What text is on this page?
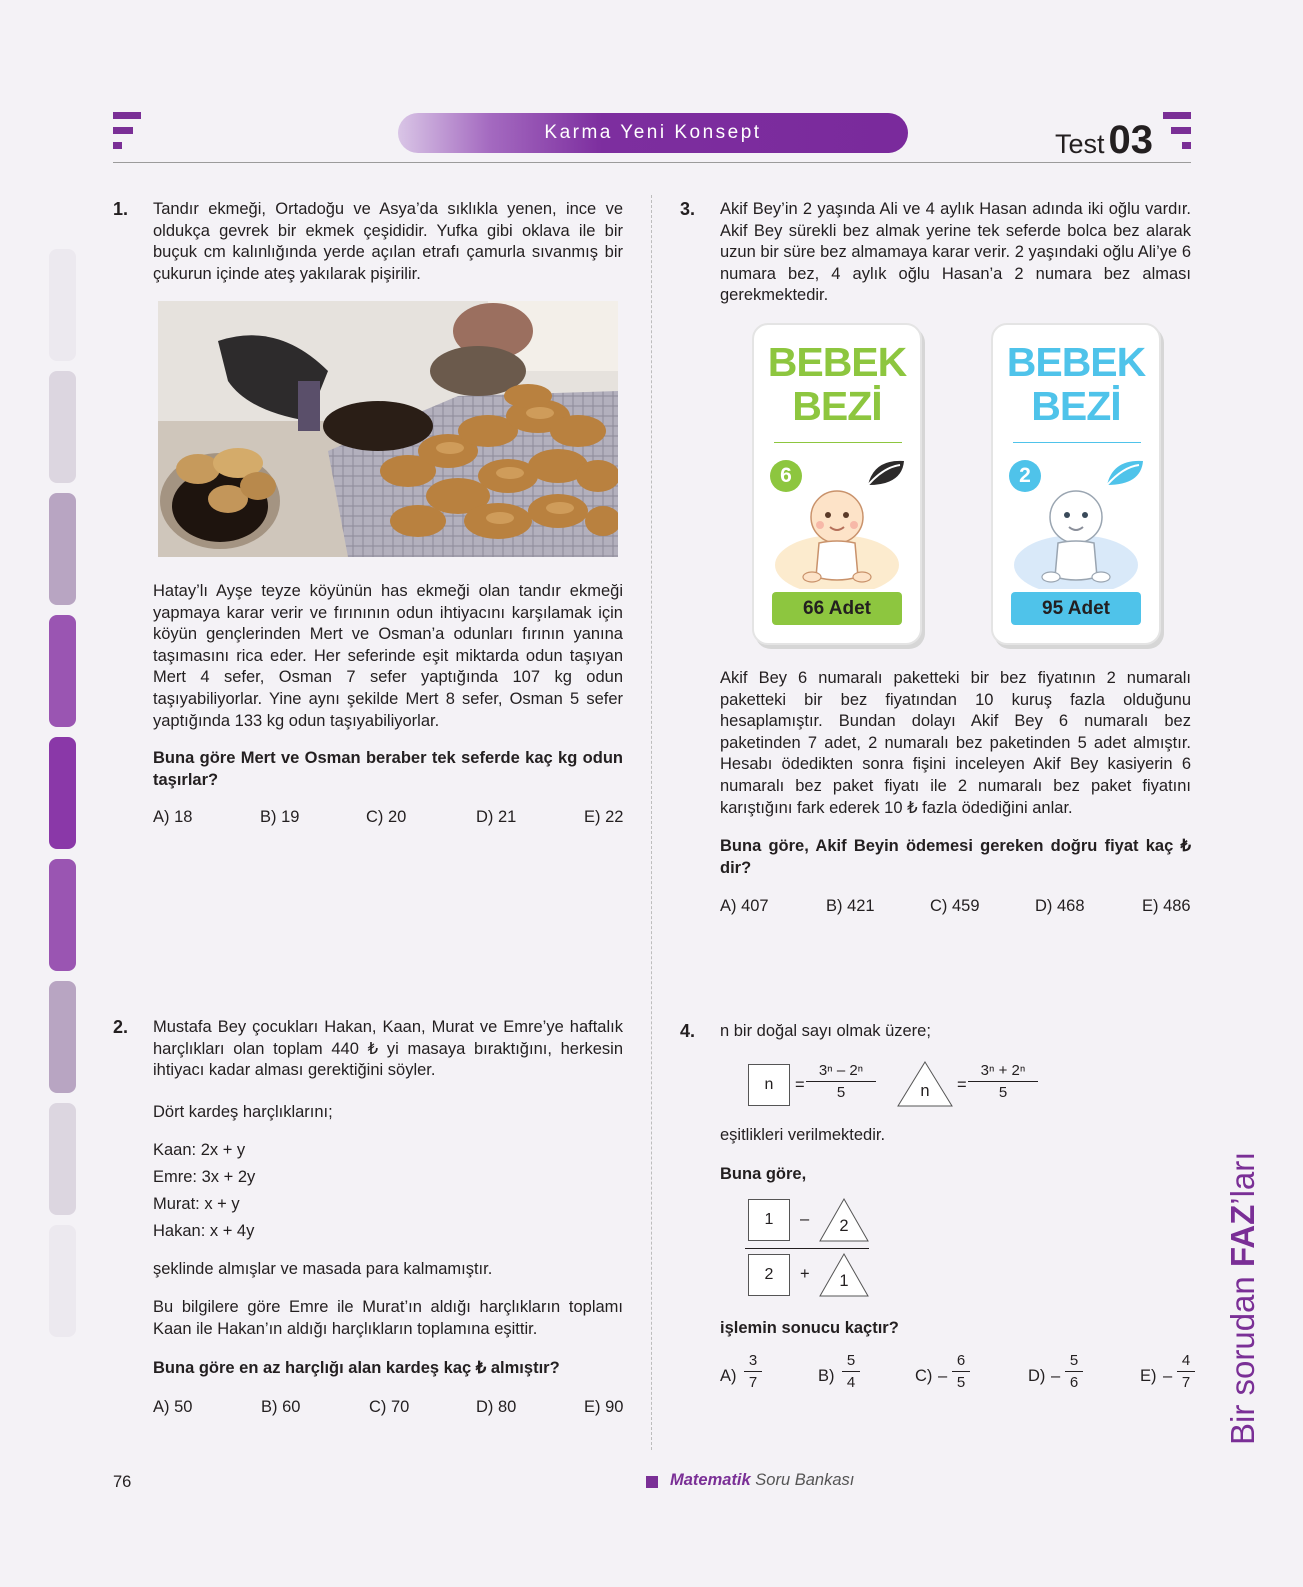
Karma Yeni Konsept	Test 03
1. Tandır ekmeği, Ortadoğu ve Asya’da sıklıkla yenen, ince ve oldukça gevrek bir ekmek çeşididir. Yufka gibi oklava ile bir buçuk cm kalınlığında yerde açılan etrafı çamurla sıvanmış bir çukurun içinde ateş yakılarak pişirilir.
Hatay’lı Ayşe teyze köyünün has ekmeği olan tandır ekmeği yapmaya karar verir ve fırınının odun ihtiyacını karşılamak için köyün gençlerinden Mert ve Osman’a odunları fırının yanına taşımasını rica eder. Her seferinde eşit miktarda odun taşıyan Mert 4 sefer, Osman 7 sefer yaptığında 107 kg odun taşıyabiliyorlar. Yine aynı şekilde Mert 8 sefer, Osman 5 sefer yaptığında 133 kg odun taşıyabiliyorlar.
Buna göre Mert ve Osman beraber tek seferde kaç kg odun taşırlar?
A) 18	B) 19	C) 20	D) 21	E) 22
2. Mustafa Bey çocukları Hakan, Kaan, Murat ve Emre’ye haftalık harçlıkları olan toplam 440 ₺ yi masaya bıraktığını, herkesin ihtiyacı kadar alması gerektiğini söyler.
Dört kardeş harçlıklarını;
Kaan: 2x + y
Emre: 3x + 2y
Murat: x + y
Hakan: x + 4y
şeklinde almışlar ve masada para kalmamıştır.
Bu bilgilere göre Emre ile Murat’ın aldığı harçlıkların toplamı Kaan ile Hakan’ın aldığı harçlıkların toplamına eşittir.
Buna göre en az harçlığı alan kardeş kaç ₺ almıştır?
A) 50	B) 60	C) 70	D) 80	E) 90
3. Akif Bey’in 2 yaşında Ali ve 4 aylık Hasan adında iki oğlu vardır. Akif Bey sürekli bez almak yerine tek seferde bolca bez alarak uzun bir süre bez almamaya karar verir. 2 yaşındaki oğlu Ali’ye 6 numara bez, 4 aylık oğlu Hasan’a 2 numara bez alması gerekmektedir.
BEBEK
BEZİ
6
66 Adet
BEBEK
BEZİ
2
95 Adet
Akif Bey 6 numaralı paketteki bir bez fiyatının 2 numaralı paketteki bir bez fiyatından 10 kuruş fazla olduğunu hesaplamıştır. Bundan dolayı Akif Bey 6 numaralı bez paketinden 7 adet, 2 numaralı bez paketinden 5 adet almıştır. Hesabı ödedikten sonra fişini inceleyen Akif Bey kasiyerin 6 numaralı bez paket fiyatı ile 2 numaralı bez paket fiyatını karıştığını fark ederek 10 ₺ fazla ödediğini anlar.
Buna göre, Akif Beyin ödemesi gereken doğru fiyat kaç ₺ dir?
A) 407	B) 421	C) 459	D) 468	E) 486
4. n bir doğal sayı olmak üzere;
n	= $\frac{\text{3ⁿ – 2ⁿ}}{5}$	n	= $\frac{\text{3ⁿ + 2ⁿ}}{5}$
eşitlikleri verilmektedir.
Buna göre,
1	–	2
2	+	1
işlemin sonucu kaçtır?
$A) \frac{3}{7}$	$B) \frac{5}{4}$	$C) - \frac{6}{5}$	$D) - \frac{5}{6}$	$E) - \frac{4}{7}$
76	Matematik Soru Bankası
Bir sorudan FAZ’ları
